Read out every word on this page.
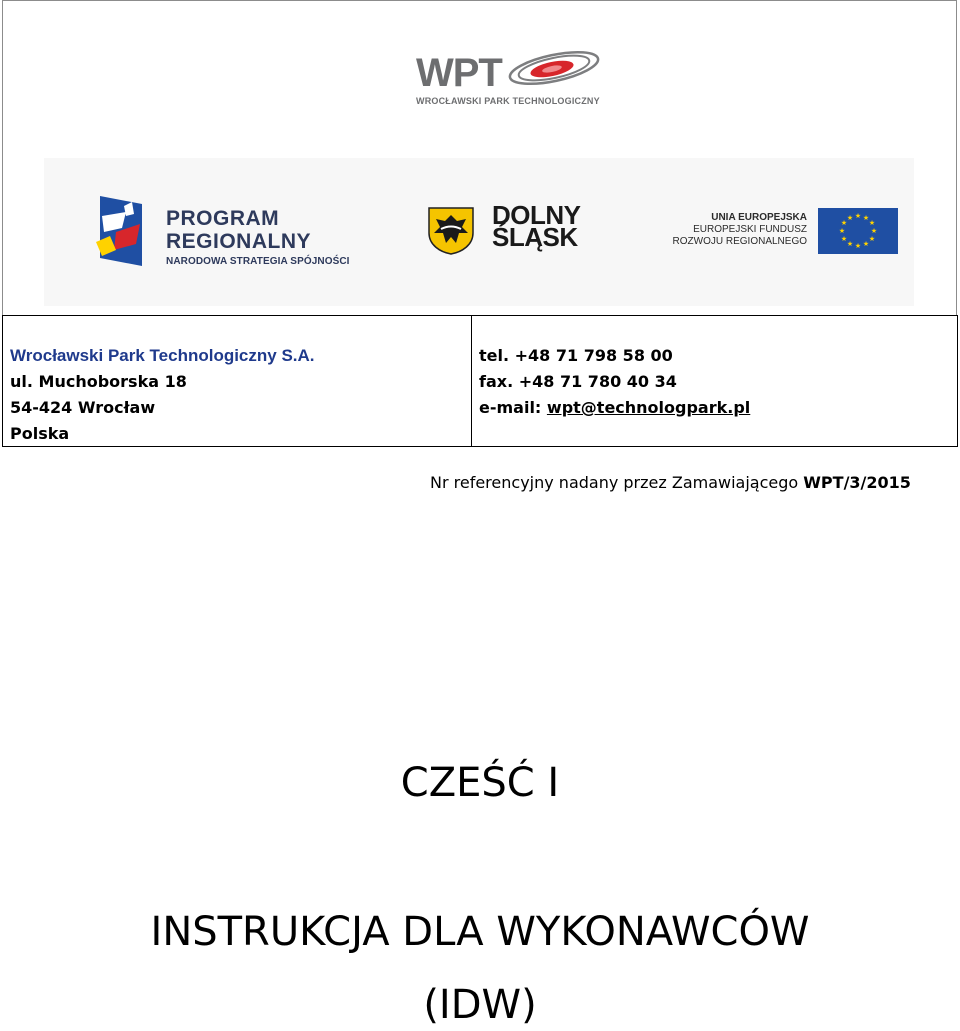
WPT
WROCŁAWSKI PARK TECHNOLOGICZNY
PROGRAM
REGIONALNY
NARODOWA STRATEGIA SPÓJNOŚCI
DOLNY
ŚLĄSK
UNIA EUROPEJSKA
EUROPEJSKI FUNDUSZ
ROZWOJU REGIONALNEGO
★ ★
★
★
★
★
★
★
★
★
★
★
Wrocławski Park Technologiczny S.A.
ul. Muchoborska 18
54-424 Wrocław
Polska
tel. +48 71 798 58 00
fax. +48 71 780 40 34
e-mail: wpt@technologpark.pl
Nr referencyjny nadany przez Zamawiającego WPT/3/2015
CZEŚĆ I
INSTRUKCJA DLA WYKONAWCÓW
(IDW)
